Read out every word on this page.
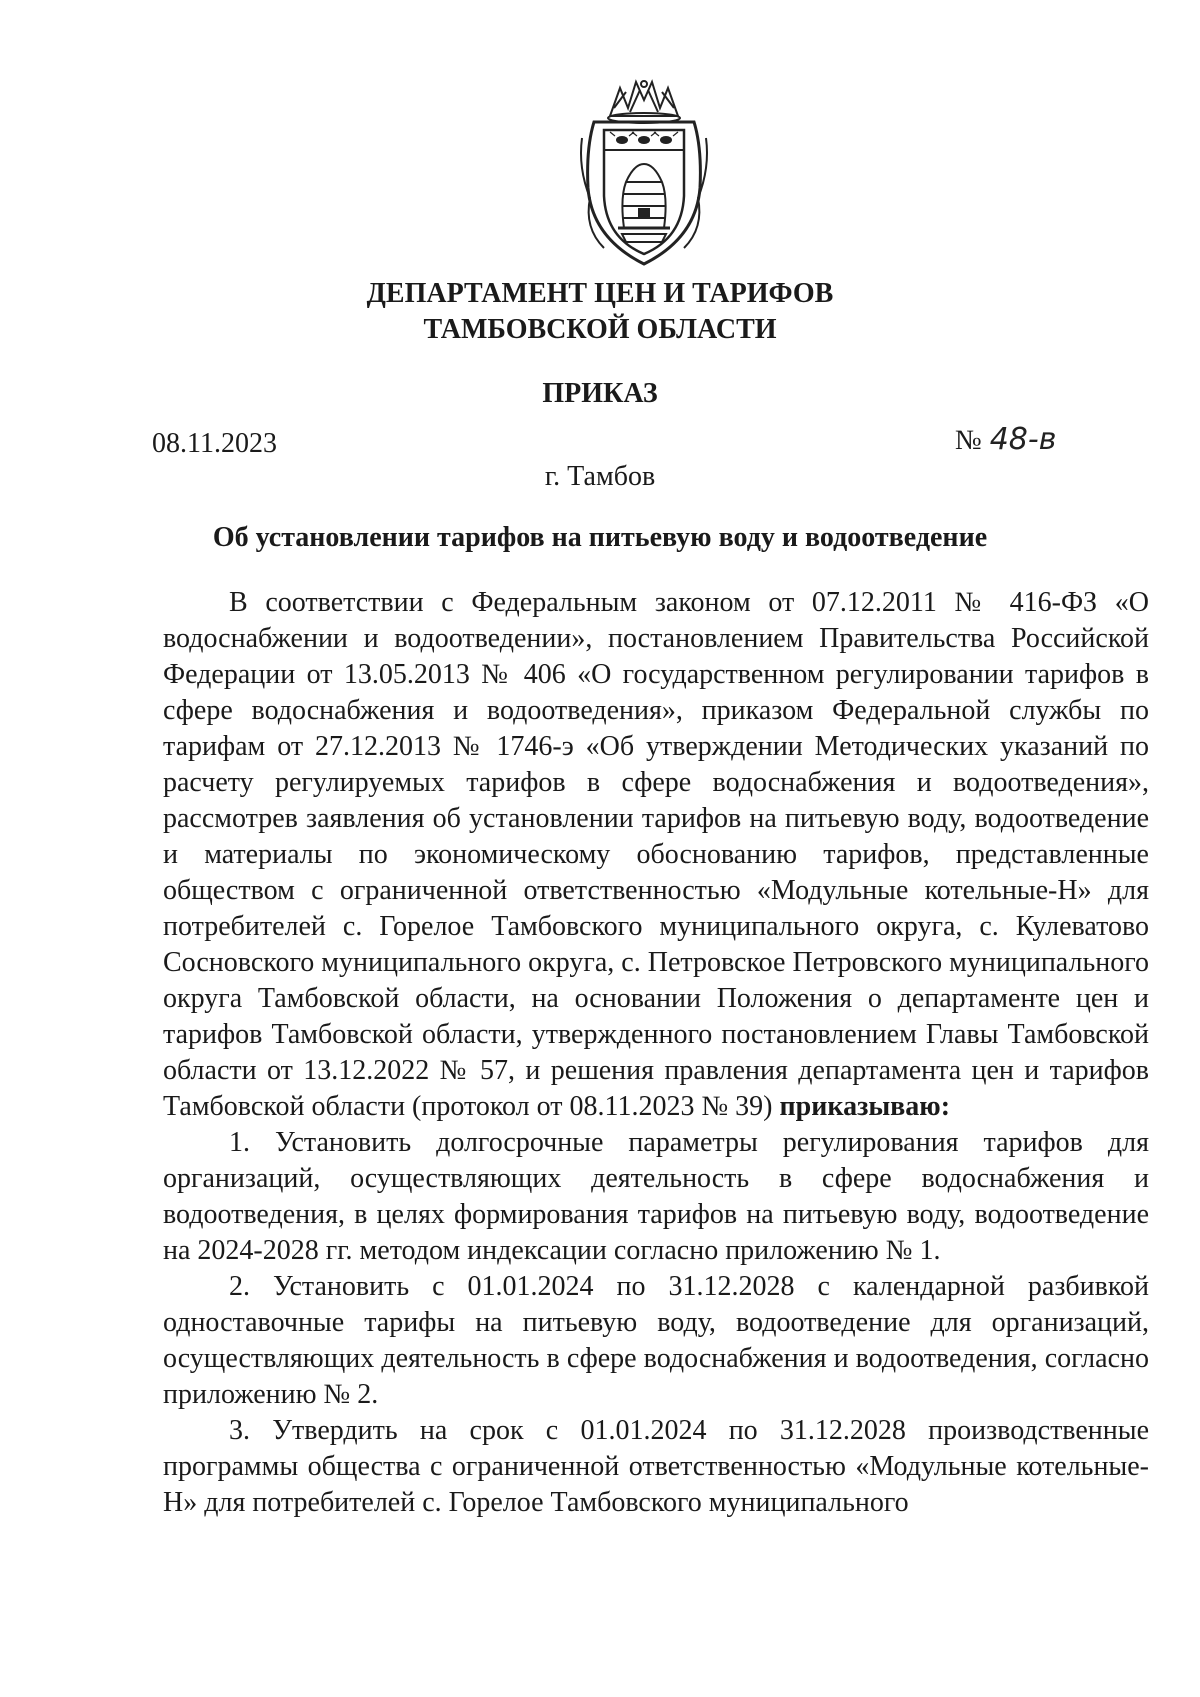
ДЕПАРТАМЕНТ ЦЕН И ТАРИФОВ
ТАМБОВСКОЙ ОБЛАСТИ
ПРИКАЗ
08.11.2023	№ 48-в
г. Тамбов
Об установлении тарифов на питьевую воду и водоотведение

В соответствии с Федеральным законом от 07.12.2011 № 416-ФЗ «О водоснабжении и водоотведении», постановлением Правительства Российской Федерации от 13.05.2013 № 406 «О государственном регулировании тарифов в сфере водоснабжения и водоотведения», приказом Федеральной службы по тарифам от 27.12.2013 № 1746-э «Об утверждении Методических указаний по расчету регулируемых тарифов в сфере водоснабжения и водоотведения», рассмотрев заявления об установлении тарифов на питьевую воду, водоотведение и материалы по экономическому обоснованию тарифов, представленные обществом с ограниченной ответственностью «Модульные котельные-Н» для потребителей с. Горелое Тамбовского муниципального округа, с. Кулеватово Сосновского муниципального округа, с. Петровское Петровского муниципального округа Тамбовской области, на основании Положения о департаменте цен и тарифов Тамбовской области, утвержденного постановлением Главы Тамбовской области от 13.12.2022 № 57, и решения правления департамента цен и тарифов Тамбовской области (протокол от 08.11.2023 № 39) приказываю:

1. Установить долгосрочные параметры регулирования тарифов для организаций, осуществляющих деятельность в сфере водоснабжения и водоотведения, в целях формирования тарифов на питьевую воду, водоотведение на 2024-2028 гг. методом индексации согласно приложению № 1.

2. Установить с 01.01.2024 по 31.12.2028 с календарной разбивкой одноставочные тарифы на питьевую воду, водоотведение для организаций, осуществляющих деятельность в сфере водоснабжения и водоотведения, согласно приложению № 2.

3. Утвердить на срок с 01.01.2024 по 31.12.2028 производственные программы общества с ограниченной ответственностью «Модульные котельные-Н» для потребителей с. Горелое Тамбовского муниципального
